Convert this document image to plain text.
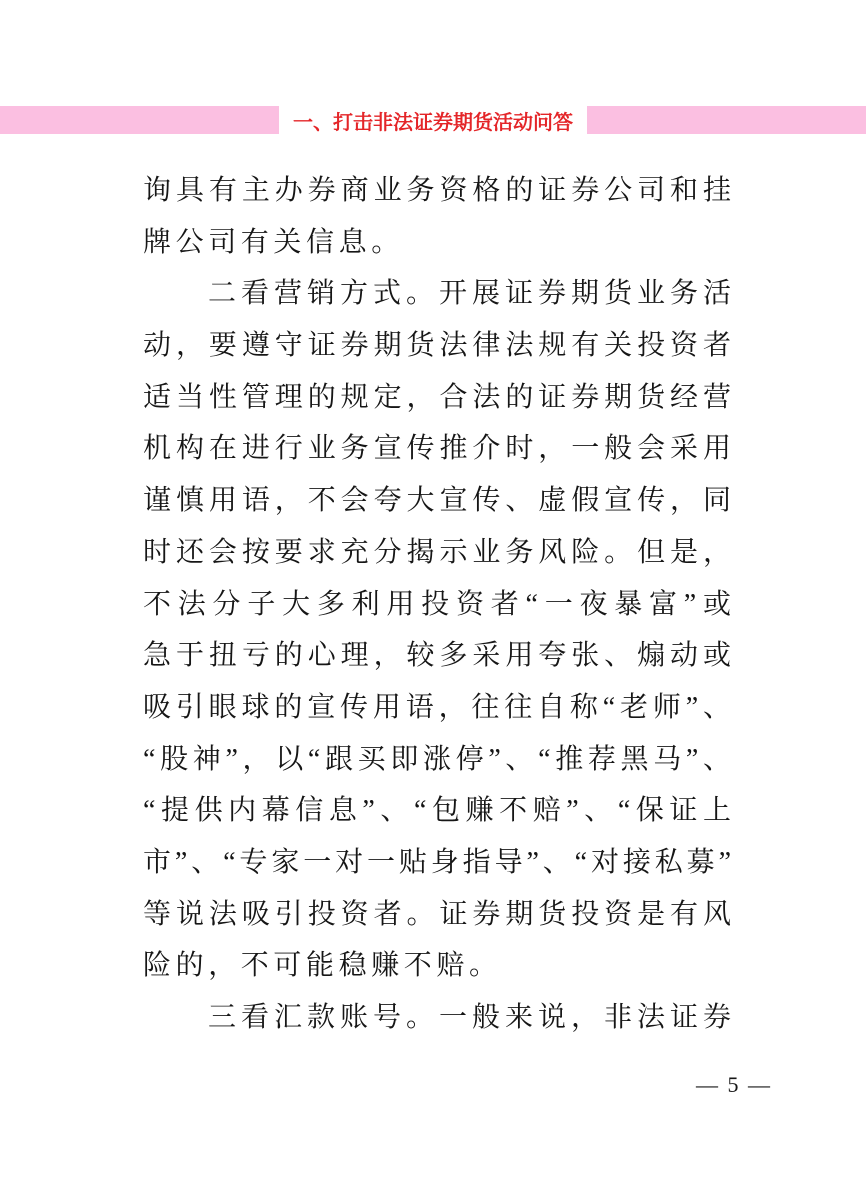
一、打击非法证券期货活动问答
询具有主办券商业务资格的证券公司和挂
牌公司有关信息。
二看营销方式。开展证券期货业务活
动，要遵守证券期货法律法规有关投资者
适当性管理的规定，合法的证券期货经营
机构在进行业务宣传推介时，一般会采用
谨慎用语，不会夸大宣传、虚假宣传，同
时还会按要求充分揭示业务风险。但是，
不法分子大多利用投资者“一夜暴富”或
急于扭亏的心理，较多采用夸张、煽动或
吸引眼球的宣传用语，往往自称“老师”、
“股神”，以“跟买即涨停”、“推荐黑马”、
“提供内幕信息”、“包赚不赔”、“保证上
市”、“专家一对一贴身指导”、“对接私募”
等说法吸引投资者。证券期货投资是有风
险的，不可能稳赚不赔。
三看汇款账号。一般来说，非法证券
— 5 —
